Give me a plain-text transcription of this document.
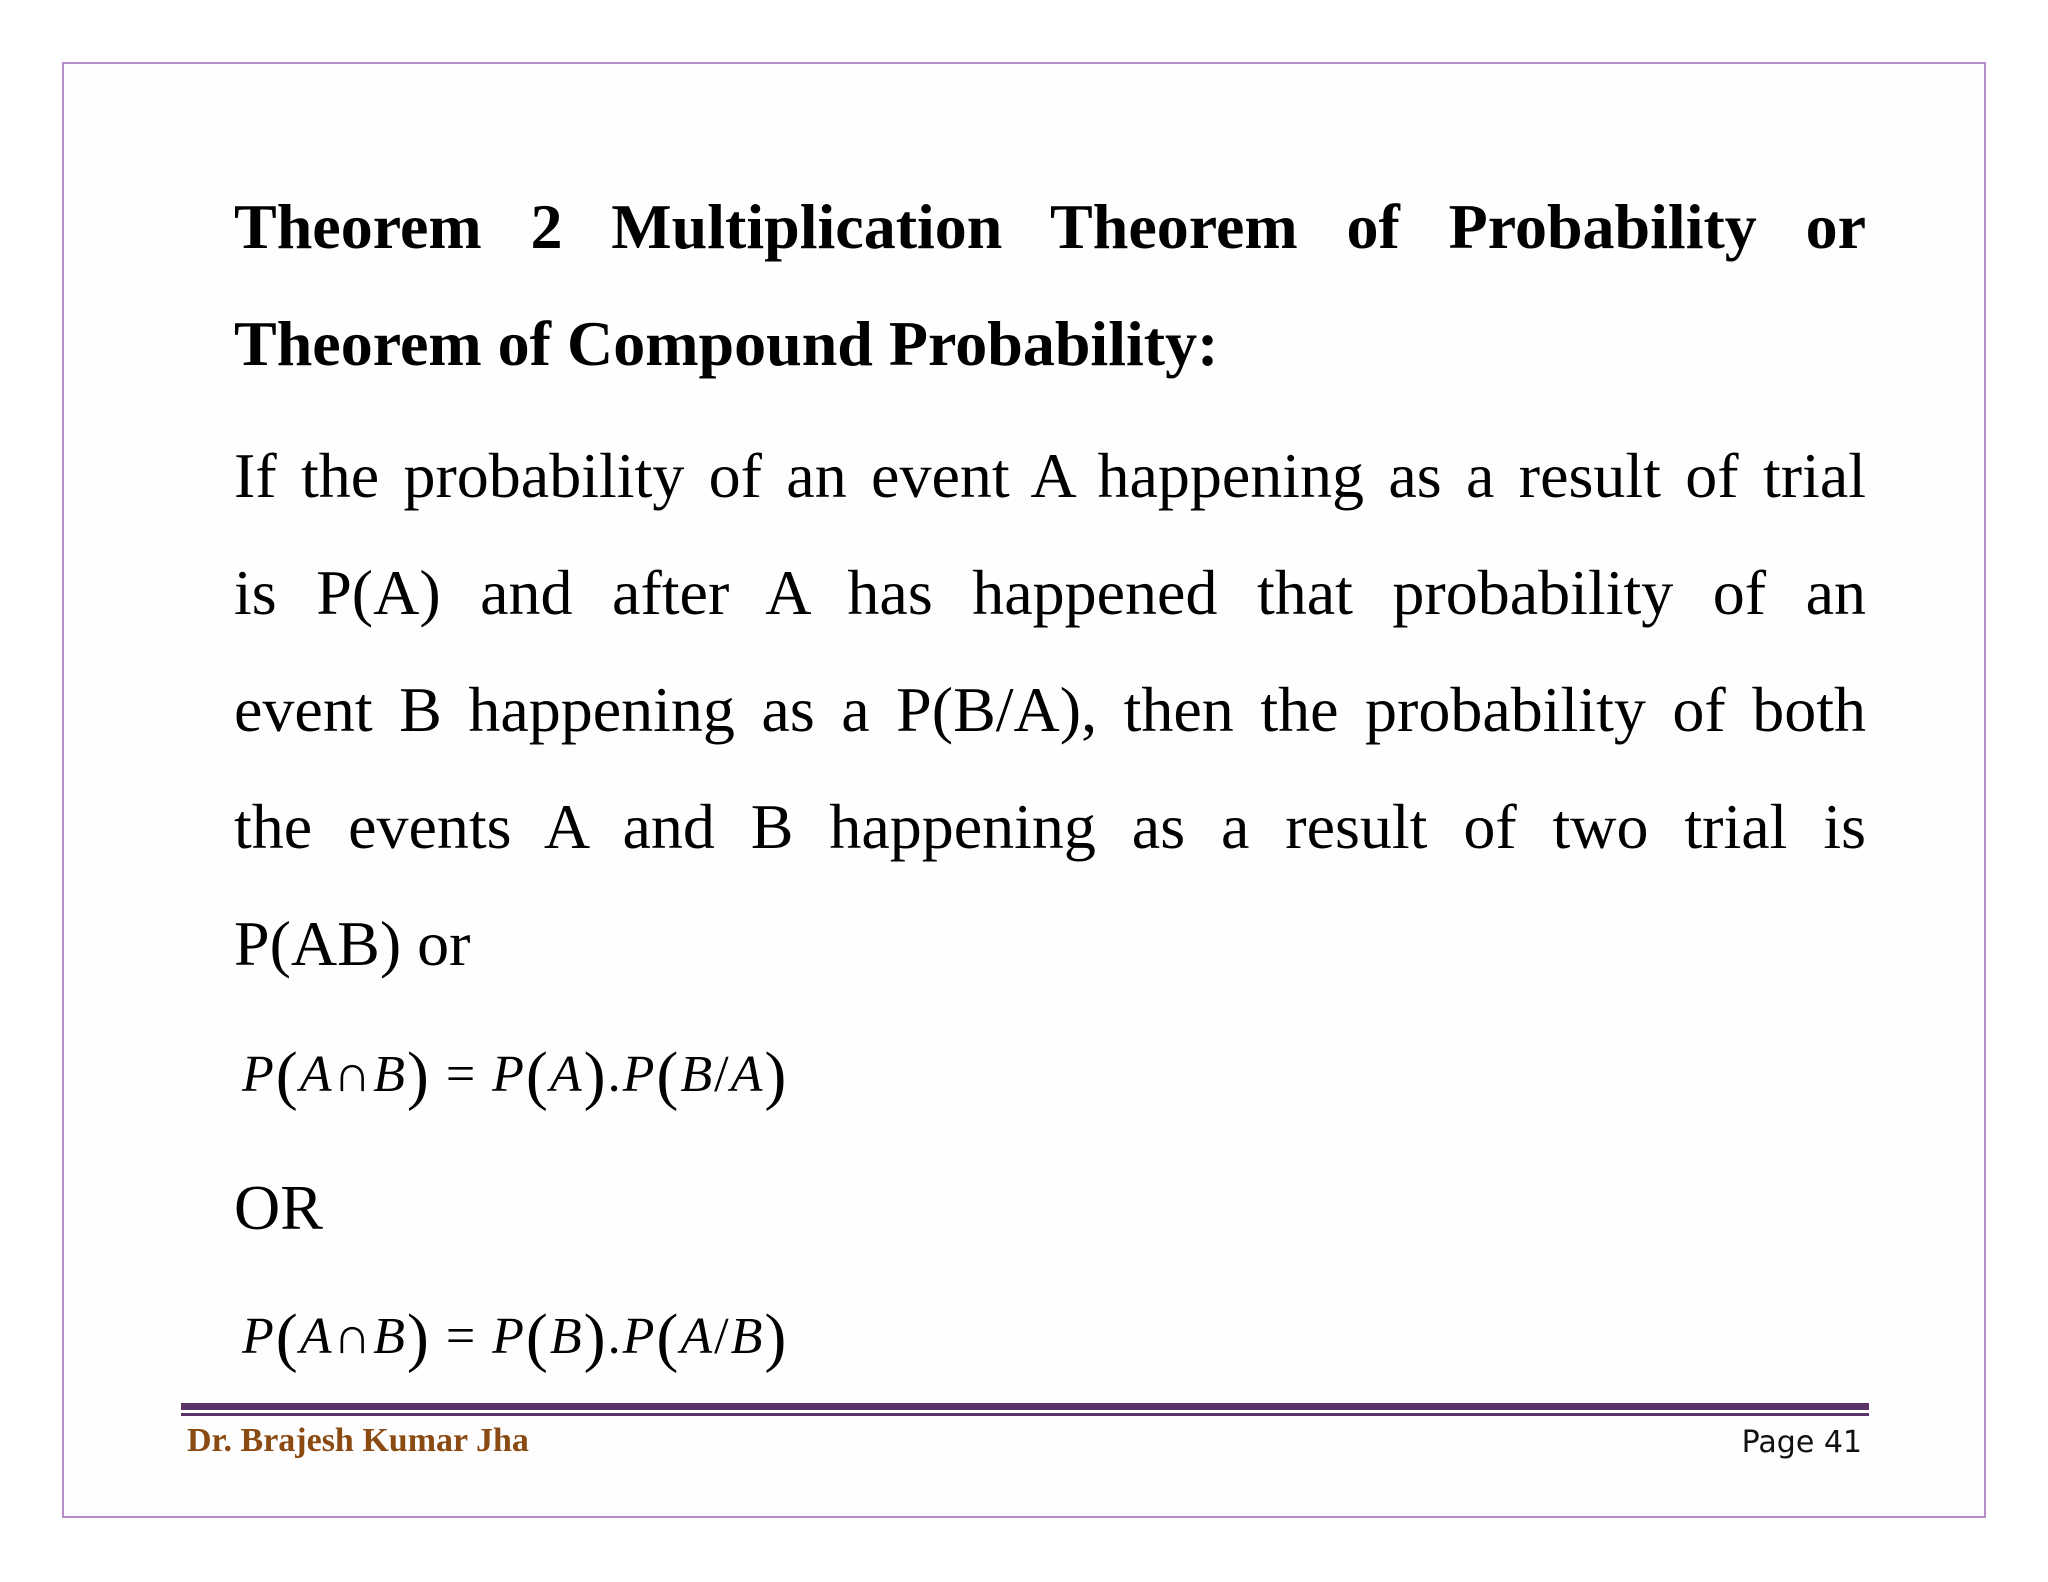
Theorem 2 Multiplication Theorem of Probability or
Theorem of Compound Probability:
If the probability of an event A happening as a result of trial
is P(A) and after A has happened that probability of an
event B happening as a P(B/A), then the probability of both
the events A and B happening as a result of two trial is
P(AB) or
P(A∩B) = P(A).P(B/A)
OR
P(A∩B) = P(B).P(A/B)
Dr. Brajesh Kumar Jha	Page 41
